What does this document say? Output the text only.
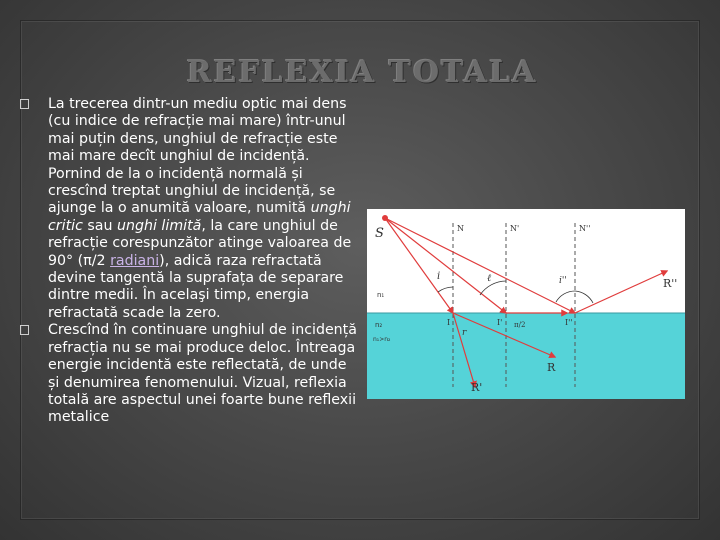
REFLEXIA TOTALA

La trecerea dintr-un mediu optic mai dens (cu indice de refracție mai mare) într-unul mai puțin dens, unghiul de refracție este mai mare decît unghiul de incidență. Pornind de la o incidență normală și crescînd treptat unghiul de incidență, se ajunge la o anumită valoare, numită unghi critic sau unghi limită, la care unghiul de refracție corespunzător atinge valoarea de 90° (π/2 radiani), adică raza refractată devine tangentă la suprafața de separare dintre medii. În acelaşi timp, energia refractată scade la zero.

Crescînd în continuare unghiul de incidență refracția nu se mai produce deloc. Întreaga energie incidentă este reflectată, de unde și denumirea fenomenului. Vizual, reflexia totală are aspectul unei foarte bune reflexii metalice

S	N	N'	N''
i	ℓ	i''
r
π/2
n₁
n₂
n₁>n₂
R
R'
R''
I	I'	I''
